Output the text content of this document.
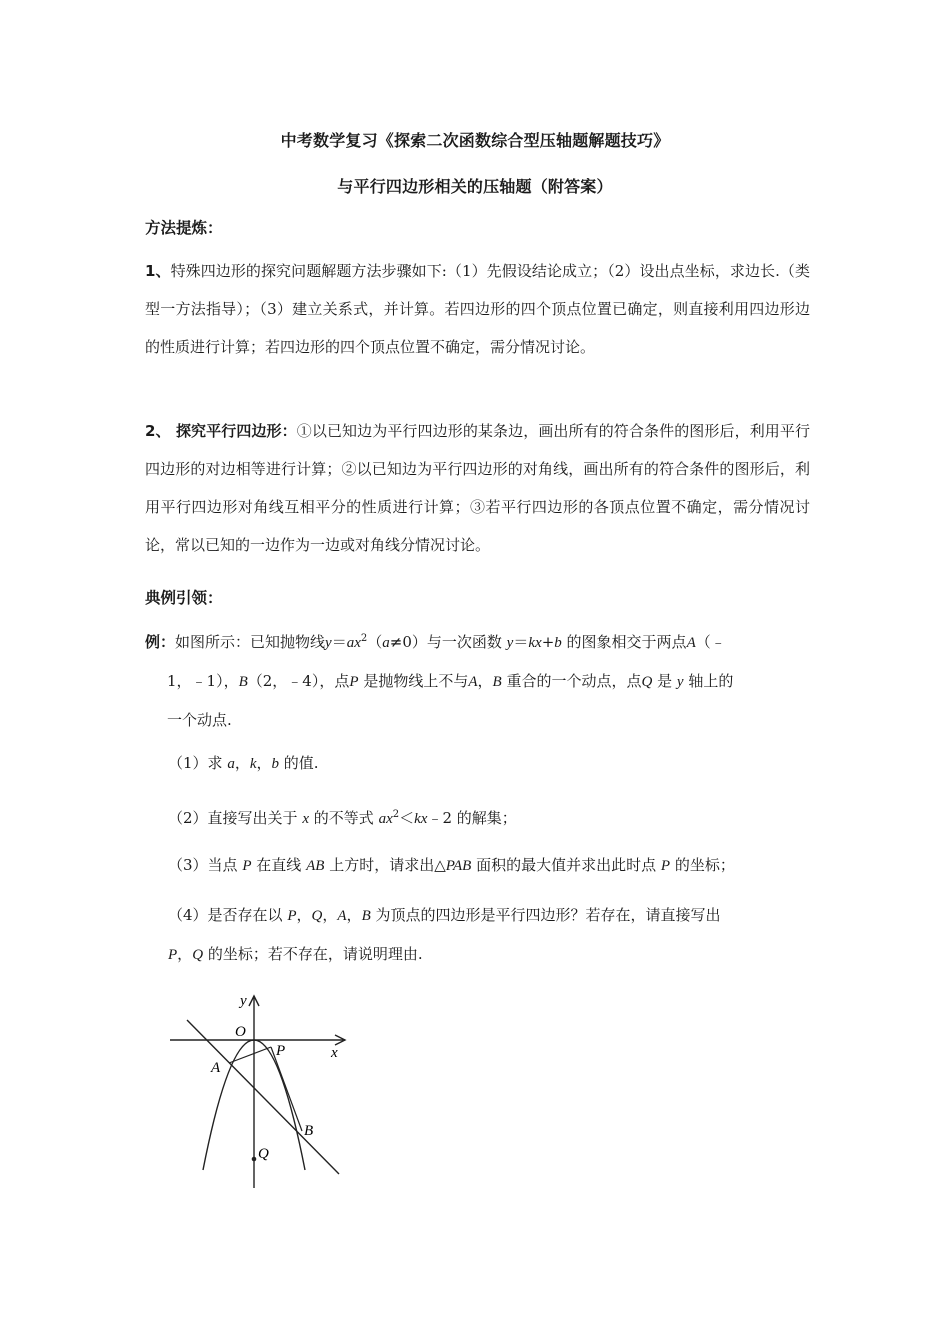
中考数学复习《探索二次函数综合型压轴题解题技巧》
与平行四边形相关的压轴题（附答案）
方法提炼：
1、特殊四边形的探究问题解题方法步骤如下:（1）先假设结论成立；（2）设出点坐标，求边长.（类型一方法指导）；（3）建立关系式，并计算。若四边形的四个顶点位置已确定，则直接利用四边形边的性质进行计算；若四边形的四个顶点位置不确定，需分情况讨论。
2、 探究平行四边形：①以已知边为平行四边形的某条边，画出所有的符合条件的图形后，利用平行四边形的对边相等进行计算；②以已知边为平行四边形的对角线，画出所有的符合条件的图形后，利用平行四边形对角线互相平分的性质进行计算；③若平行四边形的各顶点位置不确定，需分情况讨论，常以已知的一边作为一边或对角线分情况讨论。
典例引领：
例：如图所示：已知抛物线$y=ax^2(a\ne 0)$与一次函数 y＝kx+b 的图象相交于两点A（﹣
1，﹣1），B（2，﹣4），点P 是抛物线上不与A，B 重合的一个动点，点Q 是 y 轴上的
一个动点.
（1）求 a，k，b 的值.
（2）直接写出关于 x 的不等式 $ax^2<kx﹣2$ 的解集；
（3）当点 P 在直线 AB 上方时，请求出△PAB 面积的最大值并求出此时点 P 的坐标；
（4）是否存在以 P，Q，A，B 为顶点的四边形是平行四边形？若存在，请直接写出
P，Q 的坐标；若不存在，请说明理由.
y
x
O
P
A
B
Q
